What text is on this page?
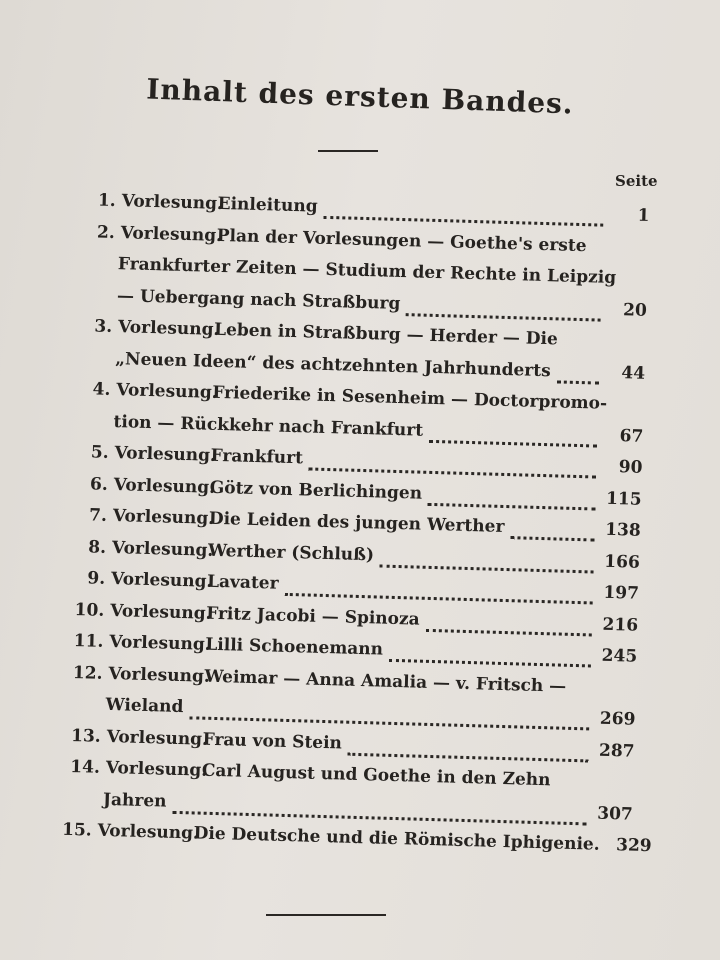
Inhalt des ersten Bandes.
Seite
1. Vorlesung.
Einleitung	1
2. Vorlesung.
Plan der Vorlesungen — Goethe's erste
Frankfurter Zeiten — Studium der Rechte in Leipzig
— Uebergang nach Straßburg	20
3. Vorlesung.
Leben in Straßburg — Herder — Die
„Neuen Ideen“ des achtzehnten Jahrhunderts	44
4. Vorlesung.
Friederike in Sesenheim — Doctorpromo-
tion — Rückkehr nach Frankfurt	67
5. Vorlesung.
Frankfurt	90
6. Vorlesung.
Götz von Berlichingen	115
7. Vorlesung.
Die Leiden des jungen Werther	138
8. Vorlesung.
Werther (Schluß)	166
9. Vorlesung.
Lavater	197
10. Vorlesung.
Fritz Jacobi — Spinoza	216
11. Vorlesung.
Lilli Schoenemann	245
12. Vorlesung.
Weimar — Anna Amalia — v. Fritsch —
Wieland
269
13. Vorlesung.
Frau von Stein	287
14. Vorlesung.
Carl August und Goethe in den Zehn
Jahren
307
15. Vorlesung.
Die Deutsche und die Römische Iphigenie. 329
